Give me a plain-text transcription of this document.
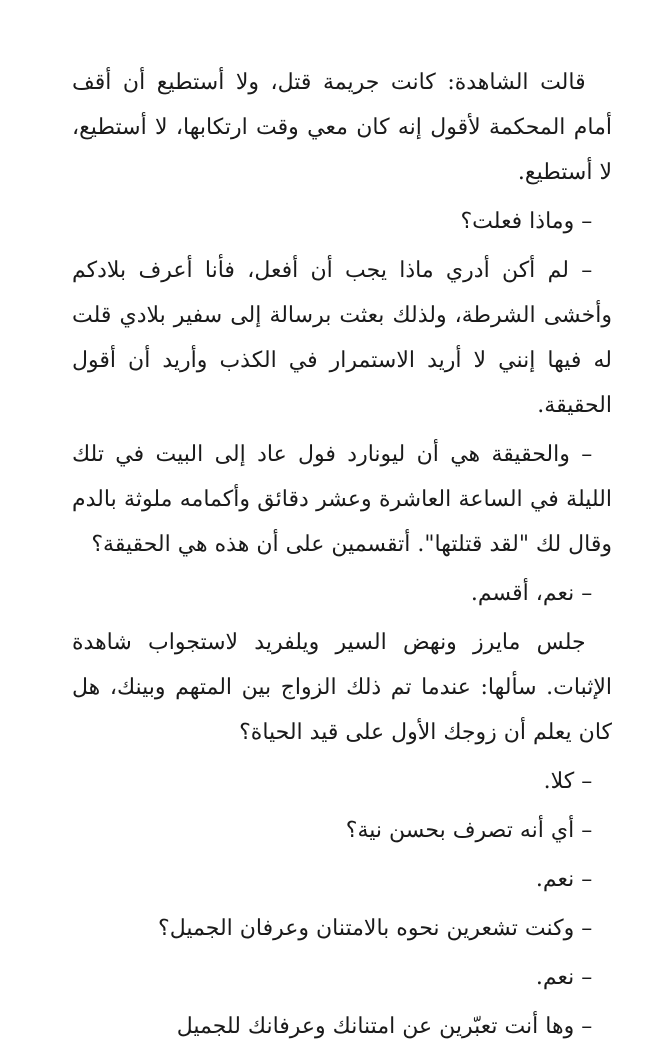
قالت الشاهدة: كانت جريمة قتل، ولا أستطيع أن أقف أمام المحكمة لأقول إنه كان معي وقت ارتكابها، لا أستطيع، لا أستطيع.

– وماذا فعلت؟

– لم أكن أدري ماذا يجب أن أفعل، فأنا أعرف بلادكم وأخشى الشرطة، ولذلك بعثت برسالة إلى سفير بلادي قلت له فيها إنني لا أريد الاستمرار في الكذب وأريد أن أقول الحقيقة.

– والحقيقة هي أن ليونارد فول عاد إلى البيت في تلك الليلة في الساعة العاشرة وعشر دقائق وأكمامه ملوثة بالدم وقال لك "لقد قتلتها". أتقسمين على أن هذه هي الحقيقة؟

– نعم، أقسم.

جلس مايرز ونهض السير ويلفريد لاستجواب شاهدة الإثبات. سألها: عندما تم ذلك الزواج بين المتهم وبينك، هل كان يعلم أن زوجك الأول على قيد الحياة؟

– كلا.

– أي أنه تصرف بحسن نية؟

– نعم.

– وكنت تشعرين نحوه بالامتنان وعرفان الجميل؟

– نعم.

– وها أنت تعبّرين عن امتنانك وعرفانك للجميل
